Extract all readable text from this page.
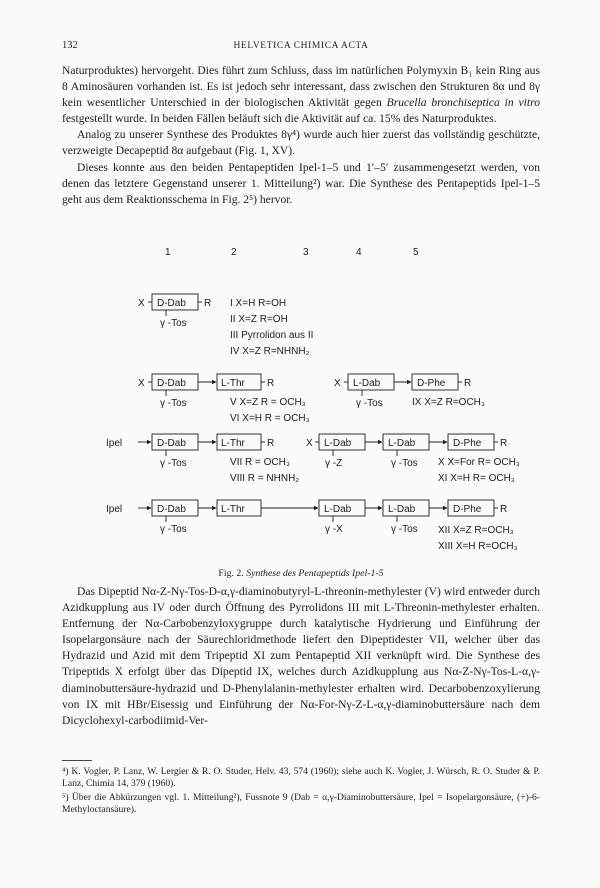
132	HELVETICA CHIMICA ACTA

Naturproduktes) hervorgeht. Dies führt zum Schluss, dass im natürlichen Polymyxin B₁ kein Ring aus 8 Aminosäuren vorhanden ist. Es ist jedoch sehr interessant, dass zwischen den Strukturen 8α und 8γ kein wesentlicher Unterschied in der biologischen Aktivität gegen Brucella bronchiseptica in vitro festgestellt wurde. In beiden Fällen beläuft sich die Aktivität auf ca. 15% des Naturproduktes.

Analog zu unserer Synthese des Produktes 8γ⁴) wurde auch hier zuerst das vollständig geschützte, verzweigte Decapeptid 8α aufgebaut (Fig. 1, XV).

Dieses konnte aus den beiden Pentapeptiden Ipel-1–5 und 1′–5′ zusammengesetzt werden, von denen das letztere Gegenstand unserer 1. Mitteilung²) war. Die Synthese des Pentapeptids Ipel-1–5 geht aus dem Reaktionsschema in Fig. 2⁵) hervor.

1	2	3	4	5
X D-Dab R
γ -Tos
I X=H R=OH
II X=Z R=OH
III Pyrrolidon aus II
IV X=Z R=NHNH₂
X D-Dab	L-Thr R
γ -Tos	V X=Z R = OCH₃
VI X=H R = OCH₃
X L-Dab	D-Phe R
γ -Tos	IX X=Z R=OCH₃
Ipel	D-Dab	L-Thr R
γ -Tos	VII R = OCH₃
VIII R = NHNH₂
X L-Dab	L-Dab	D-Phe R
γ -Z	γ -Tos X X=For R= OCH₃
XI X=H R= OCH₃
Ipel	D-Dab	L-Thr	L-Dab	L-Dab	D-Phe R
γ -Tos	γ -X	γ -Tos XII X=Z R=OCH₃
XIII X=H R=OCH₃
Fig. 2. Synthese des Pentapeptids Ipel-1-5

Das Dipeptid Nα-Z-Nγ-Tos-D-α,γ-diaminobutyryl-L-threonin-methylester (V) wird entweder durch Azidkupplung aus IV oder durch Öffnung des Pyrrolidons III mit L-Threonin-methylester erhalten. Entfernung der Nα-Carbobenzyloxygruppe durch katalytische Hydrierung und Einführung der Isopelargonsäure nach der Säurechloridmethode liefert den Dipeptidester VII, welcher über das Hydrazid und Azid mit dem Tripeptid XI zum Pentapeptid XII verknüpft wird. Die Synthese des Tripeptids X erfolgt über das Dipeptid IX, welches durch Azidkupplung aus Nα-Z-Nγ-Tos-L-α,γ-diaminobuttersäure-hydrazid und D-Phenylalanin-methylester erhalten wird. Decarbobenzoxylierung von IX mit HBr/Eisessig und Einführung der Nα-For-Nγ-Z-L-α,γ-diaminobuttersäure nach dem Dicyclohexyl-carbodiimid-Ver-

⁴) K. Vogler, P. Lanz, W. Lergier & R. O. Studer, Helv. 43, 574 (1960); siehe auch K. Vogler, J. Würsch, R. O. Studer & P. Lanz, Chimia 14, 379 (1960).
⁵) Über die Abkürzungen vgl. 1. Mitteilung²), Fussnote 9 (Dab = α,γ-Diaminobuttersäure, Ipel = Isopelargonsäure, (+)-6-Methyloctansäure).
